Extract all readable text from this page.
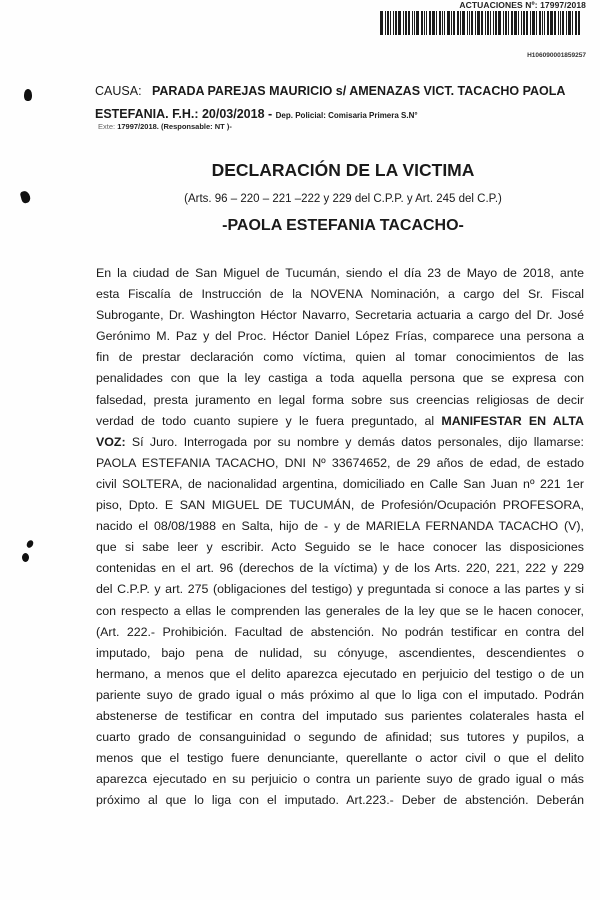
ACTUACIONES Nº: 17997/2018
H106090001859257
CAUSA: PARADA PAREJAS MAURICIO s/ AMENAZAS VICT. TACACHO PAOLA
ESTEFANIA. F.H.: 20/03/2018 - Dep. Policial: Comisaria Primera S.N°
Exte: 17997/2018. (Responsable: NT )-
DECLARACIÓN DE LA VICTIMA
(Arts. 96 – 220 – 221 –222 y 229 del C.P.P. y Art. 245 del C.P.)
-PAOLA ESTEFANIA TACACHO-
En la ciudad de San Miguel de Tucumán, siendo el día 23 de Mayo de 2018, ante
esta Fiscalía de Instrucción de la NOVENA Nominación, a cargo del Sr. Fiscal
Subrogante, Dr. Washington Héctor Navarro, Secretaria actuaria a cargo del Dr. José
Gerónimo M. Paz y del Proc. Héctor Daniel López Frías, comparece una persona a
fin de prestar declaración como víctima, quien al tomar conocimientos de las
penalidades con que la ley castiga a toda aquella persona que se expresa con
falsedad, presta juramento en legal forma sobre sus creencias religiosas de decir
verdad de todo cuanto supiere y le fuera preguntado, al MANIFESTAR EN ALTA
VOZ: Sí Juro. Interrogada por su nombre y demás datos personales, dijo llamarse:
PAOLA ESTEFANIA TACACHO, DNI Nº 33674652, de 29 años de edad, de estado
civil SOLTERA, de nacionalidad argentina, domiciliado en Calle San Juan nº 221 1er
piso, Dpto. E SAN MIGUEL DE TUCUMÁN, de Profesión/Ocupación PROFESORA,
nacido el 08/08/1988 en Salta, hijo de - y de MARIELA FERNANDA TACACHO (V),
que si sabe leer y escribir. Acto Seguido se le hace conocer las disposiciones
contenidas en el art. 96 (derechos de la víctima) y de los Arts. 220, 221, 222 y 229
del C.P.P. y art. 275 (obligaciones del testigo) y preguntada si conoce a las partes y si
con respecto a ellas le comprenden las generales de la ley que se le hacen conocer,
(Art. 222.- Prohibición. Facultad de abstención. No podrán testificar en contra del
imputado, bajo pena de nulidad, su cónyuge, ascendientes, descendientes o
hermano, a menos que el delito aparezca ejecutado en perjuicio del testigo o de un
pariente suyo de grado igual o más próximo al que lo liga con el imputado. Podrán
abstenerse de testificar en contra del imputado sus parientes colaterales hasta el
cuarto grado de consanguinidad o segundo de afinidad; sus tutores y pupilos, a
menos que el testigo fuere denunciante, querellante o actor civil o que el delito
aparezca ejecutado en su perjuicio o contra un pariente suyo de grado igual o más
próximo al que lo liga con el imputado. Art.223.- Deber de abstención. Deberán
